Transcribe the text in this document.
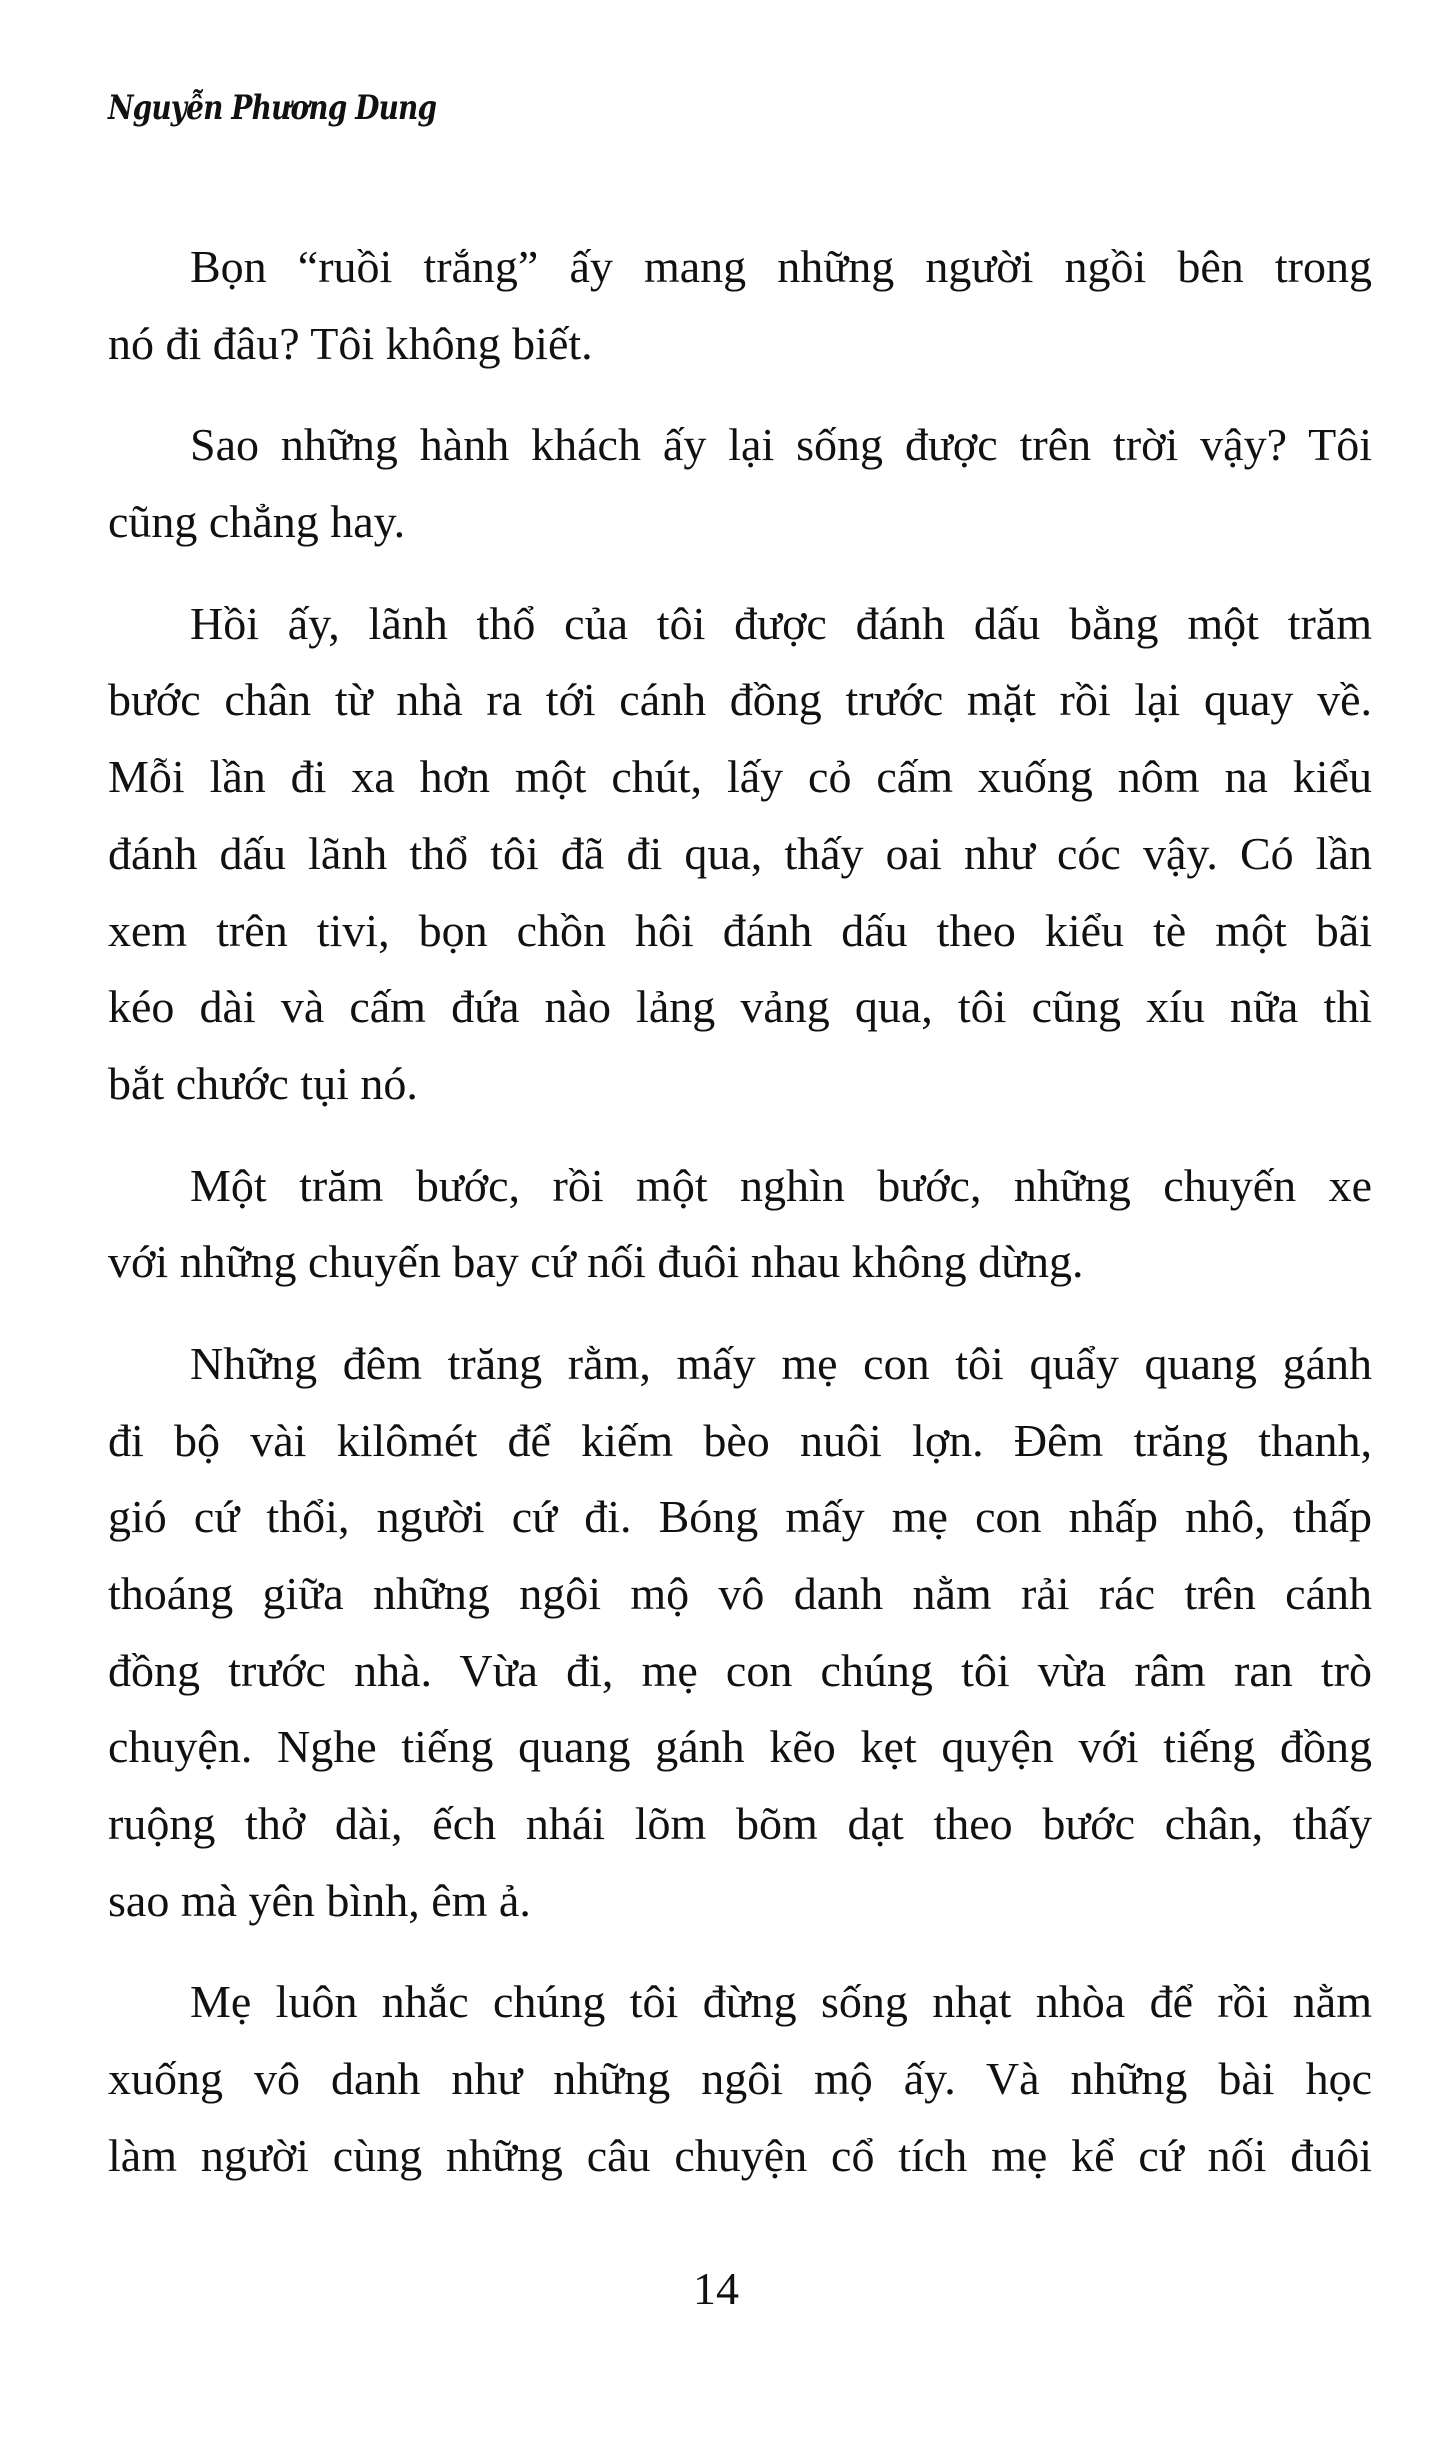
Nguyễn Phương Dung
Bọn “ruồi trắng” ấy mang những người ngồi bên trong
nó đi đâu? Tôi không biết.
Sao những hành khách ấy lại sống được trên trời vậy? Tôi
cũng chẳng hay.
Hồi ấy, lãnh thổ của tôi được đánh dấu bằng một trăm
bước chân từ nhà ra tới cánh đồng trước mặt rồi lại quay về.
Mỗi lần đi xa hơn một chút, lấy cỏ cấm xuống nôm na kiểu
đánh dấu lãnh thổ tôi đã đi qua, thấy oai như cóc vậy. Có lần
xem trên tivi, bọn chồn hôi đánh dấu theo kiểu tè một bãi
kéo dài và cấm đứa nào lảng vảng qua, tôi cũng xíu nữa thì
bắt chước tụi nó.
Một trăm bước, rồi một nghìn bước, những chuyến xe
với những chuyến bay cứ nối đuôi nhau không dừng.
Những đêm trăng rằm, mấy mẹ con tôi quẩy quang gánh
đi bộ vài kilômét để kiếm bèo nuôi lợn. Đêm trăng thanh,
gió cứ thổi, người cứ đi. Bóng mấy mẹ con nhấp nhô, thấp
thoáng giữa những ngôi mộ vô danh nằm rải rác trên cánh
đồng trước nhà. Vừa đi, mẹ con chúng tôi vừa râm ran trò
chuyện. Nghe tiếng quang gánh kẽo kẹt quyện với tiếng đồng
ruộng thở dài, ếch nhái lõm bõm dạt theo bước chân, thấy
sao mà yên bình, êm ả.
Mẹ luôn nhắc chúng tôi đừng sống nhạt nhòa để rồi nằm
xuống vô danh như những ngôi mộ ấy. Và những bài học
làm người cùng những câu chuyện cổ tích mẹ kể cứ nối đuôi
14
